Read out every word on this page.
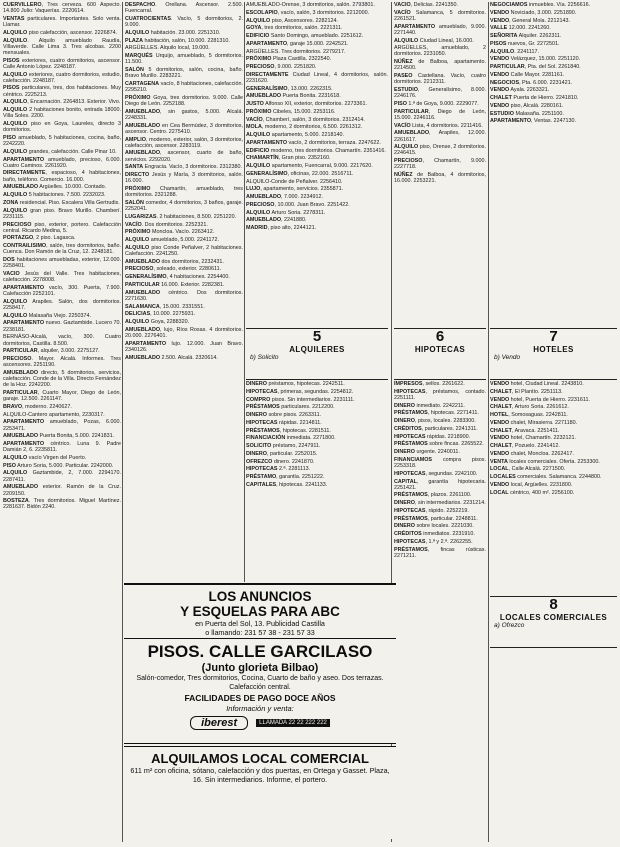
CUERVILLERO, Tres cerveza. 600 Aspecto. 14.800 Julio: Vaquerías. 2220614.

VENTAS particulares. Importantes. Solo venta. Llamar.

ALQUILO piso calefacción, ascensor. 2226874.

ALQUILO. Alquilo amueblado Raudía, Villaverde. Calle Lima 3. Tres alcobas. 2200 mensuales.

PISOS exteriores, cuatro dormitorios, ascensor. Calle Antonio López. 2248187.

ALQUILO exteriores, cuatro dormitorios, estudio, calefacción. 2248187.

PISOS particulares, tres, dos habitaciones. Muy céntrico. 2225213.

ALQUILO, Encarnación. 2264813. Exterior. Vivo.

ALQUILO 2 habitaciones bonito, entrada 18000. Villa Soles. 2200.

ALQUILO piso en Goya, Laureles, directo 3 dormitorios.

PISO amueblado, 5 habitaciones, cocina, baño, 2242220.

ALQUILO grandes, calefacción. Calle Pinar 10.

APARTAMENTO amueblado, precioso, 6.000. Cuatro Caminos. 2261920.

DIRECTAMENTE, espacioso, 4 habitaciones, baño, teléfono. Comercio. 16.000.

AMUEBLADO Argüelles. 10.000. Contado.

ALQUILO 5 habitaciones. 7.500. 2232023.

ZONA residencial. Piso. Escalera Villa Gertrudis.

ALQUILO gran piso. Bravo Murillo. Chamberí. 2231115.

PRECIOSO piso, exterior, portero. Calefacción central. Ricardo Medina, 5.

PORTAZGO, 2 piso. Lagasca.

CONTRAILISIMO, salón, tres dormitorios, baño. Cuenca. Don Ramón de la Cruz, 12. 2248181.

DOS habitaciones amuebladas, exterior, 12.000. 2258401.

VACIO Jesús del Valle. Tres habitaciones, calefacción. 2278008.

APARTAMENTO vacío, 300. Puerta, 7.900. Calefacción 2252101.

ALQUILO Arapiles. Salón, dos dormitorios. 2258417.

ALQUILO Malasaña Viejo. 2250374.

APARTAMENTO nuevo. Gaztambide. Lucero 70. 2238181.

BERNÁSO-Alcalá, vacío, 300. Cuatro dormitorios, Castilla. 8.500.

PARTICULAR, alquiler, 3.000. 2275127.

PRECIOSO. Mayor. Alcalá. Informes. Tres ascensores. 2251190.

AMUEBLADO directo, 5 dormitorios, servicios, calefacción. Conde de la Villa. Directo Fernández de la Hoz. 2242200.

PARTICULAR, Cuarto Mayor, Diego de León, garaje. 12.500. 2261147.

BRAVO, moderno. 2240627.

ALQUILO-Cantero apartamento, 2230317.

APARTAMENTO amueblado, Pozas, 6.000. 2253471.

AMUEBLADO Puerta Bonita, 5.000. 2241831.

APARTAMENTO céntrico. Luna 9. Padre Damián 2, 6. 2235811.

ALQUILO vacío Virgen del Puerto.

PISO Arturo Soria, 5.000. Particular. 2242000.

ALQUILO Gaztambide, 2, 7.000. 2294170. 2287411.

AMUEBLADO exterior. Ramón de la Cruz. 2209150.

BOSTEZA. Tres dormitorios. Miguel Martínez. 2281637. Bidón 2240.

DESPACHO. Orellana. Ascensor. 2.500. Fuencarral.

CUATROCIENTAS. Vacío, 5 dormitorios, 2. 9.000.

ALQUILO habitación. 23.000. 2251310.

PLAZA habitación, salón, 10.000. 2281310.

ARGÜELLES. Alquilo local, 19.000.

MARQUÉS Urquijo, amueblado, 5 dormitorios. 11.500.

SALÓN 5 dormitorios, salón, cocina, baño. Bravo Murillo. 2283221.

CARTAGENA vacío, 8 habitaciones, calefacción. 2295210.

PRÓXIMO Goya, tres dormitorios. 9.000. Calle Diego de León. 2252188.

AMUEBLADO, sin gastos, 5.000. Alcalá. 2248331.

AMUEBLADO en Cea Bermúdez, 3 dormitorios, ascensor. Centro. 2275410.

AMPLIO, moderno, exterior, salón, 3 dormitorios, calefacción, ascensor. 2283119.

AMUEBLADO, ascensor, cuarto de baño, servicios. 2292020.

SANTA Engracia. Vacío, 3 dormitorios. 2312380.

DIRECTO Jesús y María, 3 dormitorios, salón. 16.000.

PRÓXIMO Chamartín, amueblado, tres dormitorios. 2321288.

SALÓN comedor, 4 dormitorios, 3 baños, garaje. 2252041.

LUGARIZAS. 2 habitaciones, 8.500. 2251220.

VACÍO. Dos dormitorios. 2252321.

PRÓXIMO Moncloa. Vacío. 2263412.

ALQUILO amueblado, 5.000. 2241172.

ALQUILO piso Conde Peñalver, 2 habitaciones. Calefacción. 2241250.

AMUEBLADO dos dormitorios, 2232431.

PRECIOSO, soleado, exterior. 2280611.

GENERALÍSIMO, 4 habitaciones. 2254400.

PARTICULAR 16.000. Exterior. 2282381.

AMUEBLADO céntrico. Dos dormitorios. 2271630.

SALAMANCA, 15.000. 2331551.

DELICIAS, 10.000. 2275931.

ALQUILO Goya, 2288320.

AMUEBLADO, lujo, Ríos Rosas. 4 dormitorios. 20.000. 2276401.

APARTAMENTO lujo. 12.000. Juan Bravo. 2340126.

AMUEBLADO 2.500. Alcalá. 2320614.

AMUEBLADO-Orense, 3 dormitorios, salón. 2793801.

ESCOLAPIO, vacío, salón, 3 dormitorios. 2212000.

ALQUILO piso, Ascensores. 2282124.

GOYA, tres dormitorios, salón. 2221311.

EDIFICIO Santo Domingo, amueblado. 2251612.

APARTAMENTO, garaje 15.000. 2242521.

ARGÜELLES. Tres dormitorios. 2279217.

PRÓXIMO Plaza Castilla. 2322540.

PRECIOSO, 9.000. 2251820.

DIRECTAMENTE Ciudad Lineal, 4 dormitorios, salón. 2231620.

GENERALÍSIMO, 13.000. 2262315.

AMUEBLADO Puerta Bonita. 2231618.

JUSTO Alfonso XII, exterior, dormitorios. 2273361.

PRÓXIMO Cibeles, 15.000. 2253116.

VACÍO, Chamberí, salón, 3 dormitorios. 2312414.

MOLA, moderno, 2 dormitorios, 6.500. 2261312.

ALQUILO apartamento, 5.000. 2218140.

APARTAMENTO vacío, 2 dormitorios, terraza. 2247622.

EDIFICIO moderno, tres dormitorios. Chamartín. 2351416.

CHAMARTÍN, Gran piso. 2352160.

ALQUILO apartamento, Fuencarral, 9.000. 2217620.

GENERALÍSIMO, oficinas, 22.000. 2516711.

ALQUILO-Conde de Peñalver. 2256410.

LUJO, apartamento, servicios. 2355871.

AMUEBLADO, 7.000. 2234912.

PRECIOSO, 10.000. Juan Bravo. 2251422.

ALQUILO Arturo Soria. 2278311.

AMUEBLADO, 2241880.

MADRID, piso alto, 2244121.

VACÍO, Delicias. 2241350.

VACÍO Salamanca, 5 dormitorios. 2261521.

APARTAMENTO amueblado, 9.000. 2271440.

ALQUILO Ciudad Lineal, 16.000.

ARGÜELLES, amueblado, 2 dormitorios. 2231050.

NÚÑEZ de Balboa, apartamento. 2214500.

PASEO Castellana. Vacío, cuatro dormitorios. 2212311.

ESTUDIO, Generalísimo, 8.000. 2246176.

PISO 1.ª de Goya, 9.000. 2229077.

PARTICULAR, Diego de León, 15.000. 2246116.

VACÍO Lista, 4 dormitorios. 2211416.

AMUEBLADO, Arapiles, 12.000. 2261617.

ALQUILO piso, Orense, 2 dormitorios. 2246415.

PRECIOSO, Chamartín, 9.000. 2227718.

NÚÑEZ de Balboa, 4 dormitorios, 16.000. 2253221.

NEGOCIAMOS inmuebles. Vía. 2256616.

VENDO Noviciado, 3.000. 2251890.

VENDO, General Mola. 2212143.

VALLE 12.000. 2241260.

SEÑORITA Alquiler. 2262311.

PISOS nuevos, Gr. 2272501.

ALQUILO. 2241117.

VENDO Velázquez, 15.000. 2251120.

PARTICULAR, Pta. del Sol. 2261840.

VENDO Calle Mayor. 2281161.

NEGOCIOS, Pta. 6.000. 2231421.

VENDO Ayala. 2263321.

CHALET Puerta de Hierro. 2241810.

VENDO piso, Alcalá. 2280161.

ESTUDIO Malasaña. 2251100.

APARTAMENTO, Ventas. 2247130.

DINERO préstamos, hipotecas. 2242511.

HIPOTECAS, primeras, segundas. 2254812.

COMPRO pisos. Sin intermediarios. 2231111.

PRÉSTAMOS particulares. 2212200.

DINERO sobre pisos. 2263311.

HIPOTECAS rápidas. 2214811.

PRÉSTAMOS, hipotecas. 2281511.

FINANCIACIÓN inmediata. 2271800.

SOLICITO préstamo, 2247911.

DINERO, particular. 2252015.

OFREZCO dinero. 2241870.

HIPOTECAS 2.ª. 2281113.

PRÉSTAMO, garantía. 2251222.

CAPITALES, hipotecas. 2241133.

IMPRESOS, sellos. 2261622.

HIPOTECAS, préstamos, contado. 2251111.

DINERO inmediato. 2242211.

PRÉSTAMOS, hipotecas. 2271411.

DINERO, pisos, locales. 2283300.

CRÉDITOS, particulares. 2241311.

HIPOTECAS rápidas. 2218900.

PRÉSTAMOS sobre fincas. 2265522.

DINERO urgente. 2240011.

FINANCIAMOS compra pisos. 2253318.

HIPOTECAS, segundas. 2242100.

CAPITAL, garantía hipotecaria. 2251421.

PRÉSTAMOS, plazos. 2261100.

DINERO, sin intermediarios. 2231214.

HIPOTECAS, rápido. 2252219.

PRÉSTAMOS, particular. 2248811.

DINERO sobre locales. 2221030.

CRÉDITOS inmediatos. 2231910.

HIPOTECAS, 1.ª y 2.ª. 2262255.

PRÉSTAMOS, fincas rústicas. 2271211.

VENDO hotel, Ciudad Lineal. 2243810.

CHALET, El Plantío. 2251113.

VENDO hotel, Puerta de Hierro. 2231611.

CHALET, Arturo Soria. 2261612.

HOTEL, Somosaguas. 2242811.

VENDO chalet, Mirasierra. 2271180.

CHALET, Aravaca. 2251411.

VENDO hotel, Chamartín. 2232121.

CHALET, Pozuelo. 2241412.

VENDO chalet, Moncloa. 2262417.

VENTA locales comerciales. Oferta. 2253300.

LOCAL, Calle Alcalá. 2271500.

LOCALES comerciales. Salamanca. 2244800.

VENDO local, Argüelles. 2231800.

LOCAL céntrico, 400 m². 2256100.

5
ALQUILERES
b) Solicito
6
HIPOTECAS
7
HOTELES
b) Vendo
8
LOCALES COMERCIALES
a) Ofrezco
LOS ANUNCIOS
Y ESQUELAS PARA ABC
en Puerta del Sol, 13. Publicidad Castilla
o llamando: 231 57 38 - 231 57 33
PISOS. CALLE GARCILASO
(Junto glorieta Bilbao)
Salón-comedor, Tres dormitorios, Cocina, Cuarto de baño y aseo. Dos terrazas. Calefacción central.
FACILIDADES DE PAGO DOCE AÑOS
Información y venta:
iberest	LLAMADA 22 22 222 222
ALQUILAMOS LOCAL COMERCIAL
611 m² con oficina, sótano, calefacción y dos puertas, en Ortega y Gasset. Plaza, 16. Sin intermediarios. Informe, el portero.
